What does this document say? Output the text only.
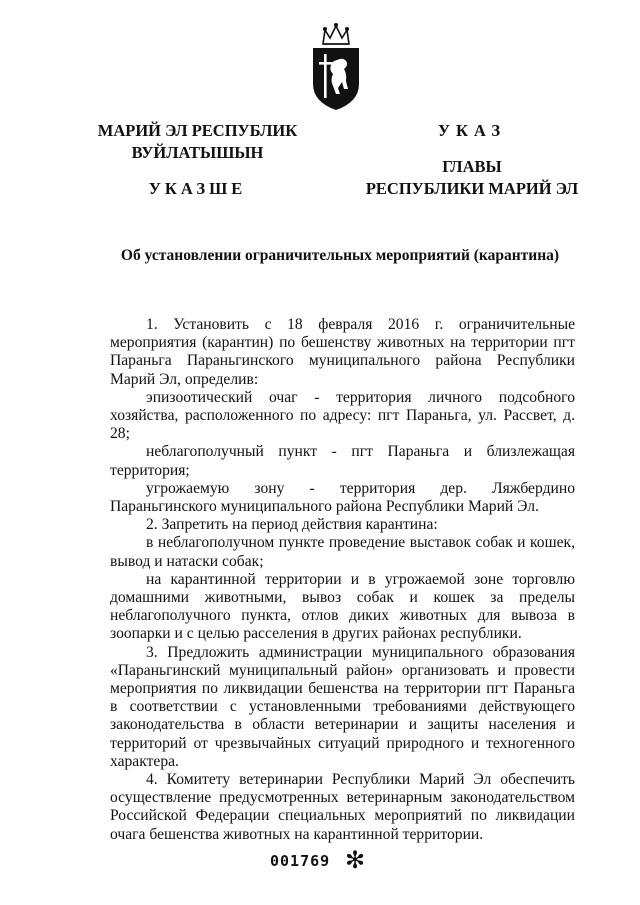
МАРИЙ ЭЛ РЕСПУБЛИК
ВУЙЛАТЫШЫН
УКАЗШЕ
УКАЗ
ГЛАВЫ
РЕСПУБЛИКИ МАРИЙ ЭЛ
Об установлении ограничительных мероприятий (карантина)

1. Установить с 18 февраля 2016 г. ограничительные мероприятия (карантин) по бешенству животных на территории пгт Параньга Параньгинского муниципального района Республики Марий Эл, определив:

эпизоотический очаг - территория личного подсобного хозяйства, расположенного по адресу: пгт Параньга, ул. Рассвет, д. 28;

неблагополучный пункт - пгт Параньга и близлежащая территория;

угрожаемую зону - территория дер. Ляжбердино Параньгинского муниципального района Республики Марий Эл.

2. Запретить на период действия карантина:

в неблагополучном пункте проведение выставок собак и кошек, вывод и натаски собак;

на карантинной территории и в угрожаемой зоне торговлю домашними животными, вывоз собак и кошек за пределы неблагополучного пункта, отлов диких животных для вывоза в зоопарки и с целью расселения в других районах республики.

3. Предложить администрации муниципального образования «Параньгинский муниципальный район» организовать и провести мероприятия по ликвидации бешенства на территории пгт Параньга в соответствии с установленными требованиями действующего законодательства в области ветеринарии и защиты населения и территорий от чрезвычайных ситуаций природного и техногенного характера.

4. Комитету ветеринарии Республики Марий Эл обеспечить осуществление предусмотренных ветеринарным законодательством Российской Федерации специальных мероприятий по ликвидации очага бешенства животных на карантинной территории.

001769 ✻
